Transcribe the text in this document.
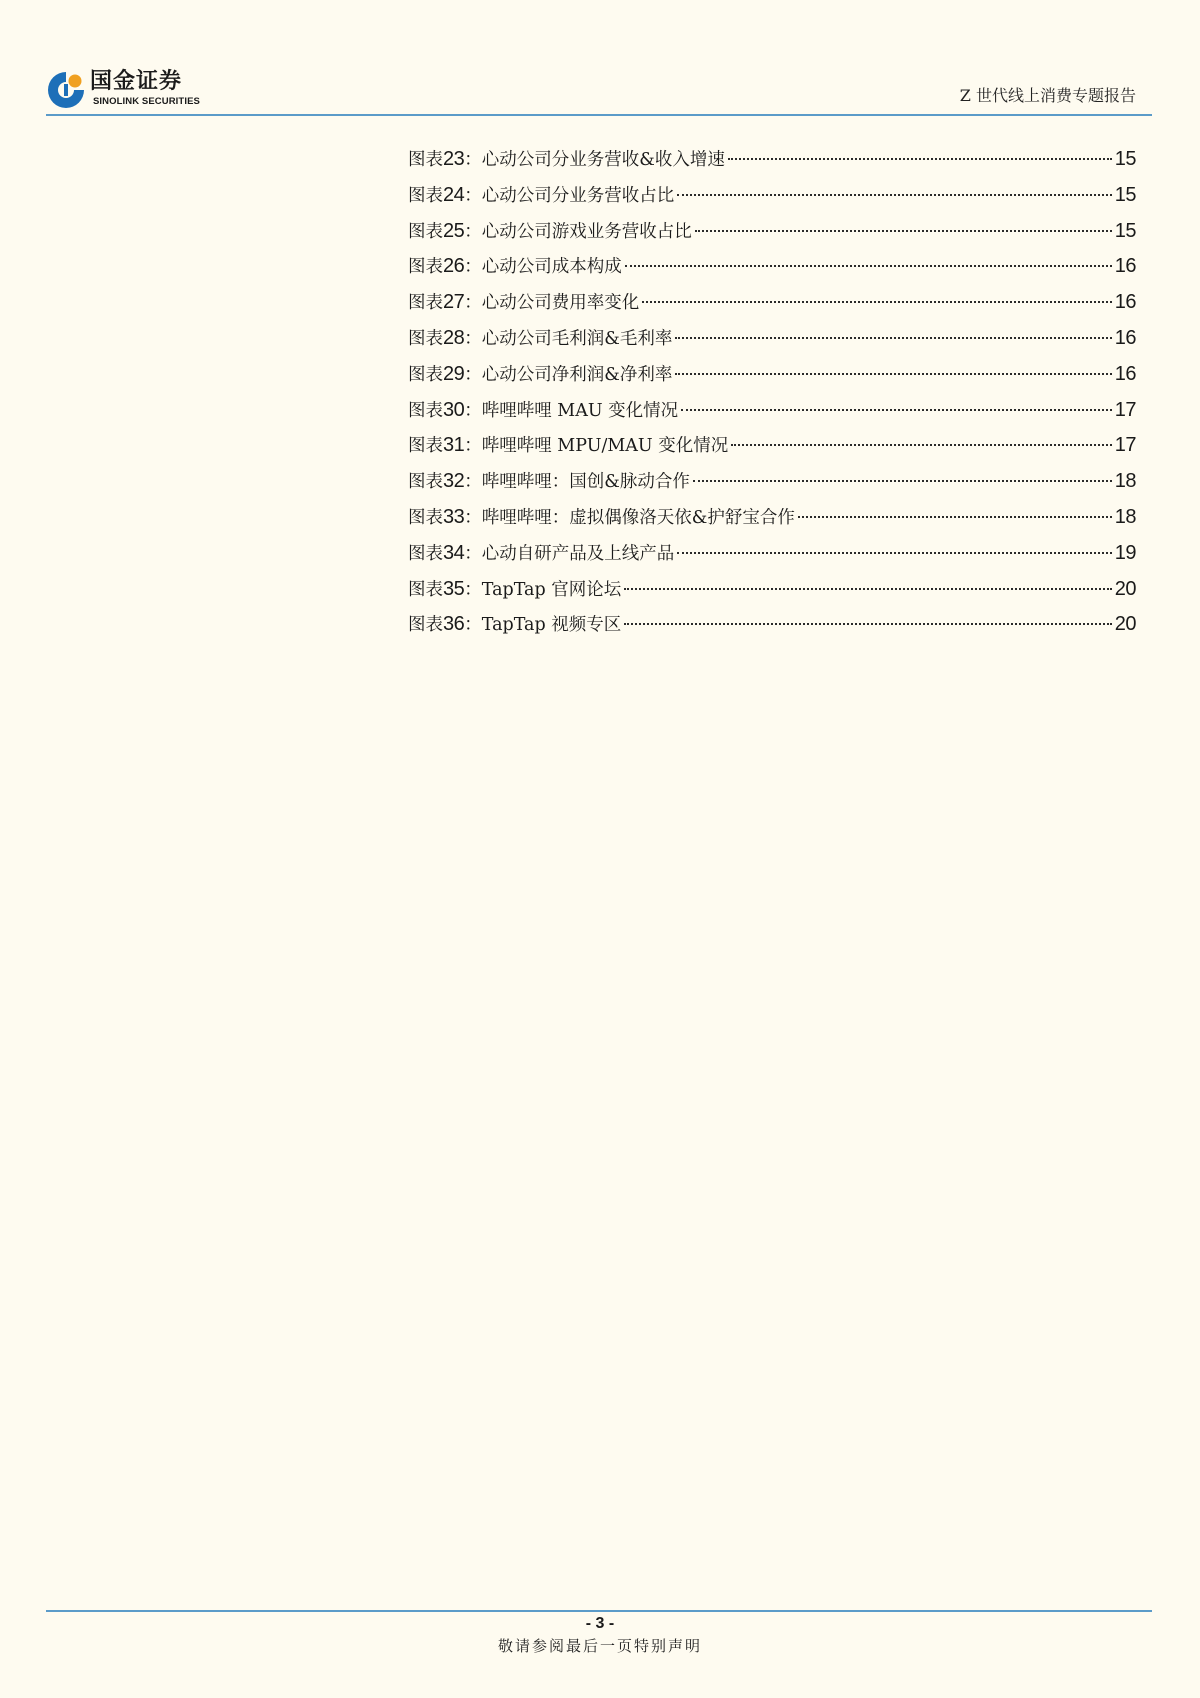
国金证券
SINOLINK SECURITIES	Z 世代线上消费专题报告
图表23：心动公司分业务营收&收入增速	15
图表24：心动公司分业务营收占比	15
图表25：心动公司游戏业务营收占比	15
图表26：心动公司成本构成	16
图表27：心动公司费用率变化	16
图表28：心动公司毛利润&毛利率	16
图表29：心动公司净利润&净利率	16
图表30：哔哩哔哩 MAU 变化情况	17
图表31：哔哩哔哩 MPU/MAU 变化情况	17
图表32：哔哩哔哩：国创&脉动合作	18
图表33：哔哩哔哩：虚拟偶像洛天依&护舒宝合作	18
图表34：心动自研产品及上线产品	19
图表35：TapTap 官网论坛	20
图表36：TapTap 视频专区	20
- 3 -
敬请参阅最后一页特别声明
